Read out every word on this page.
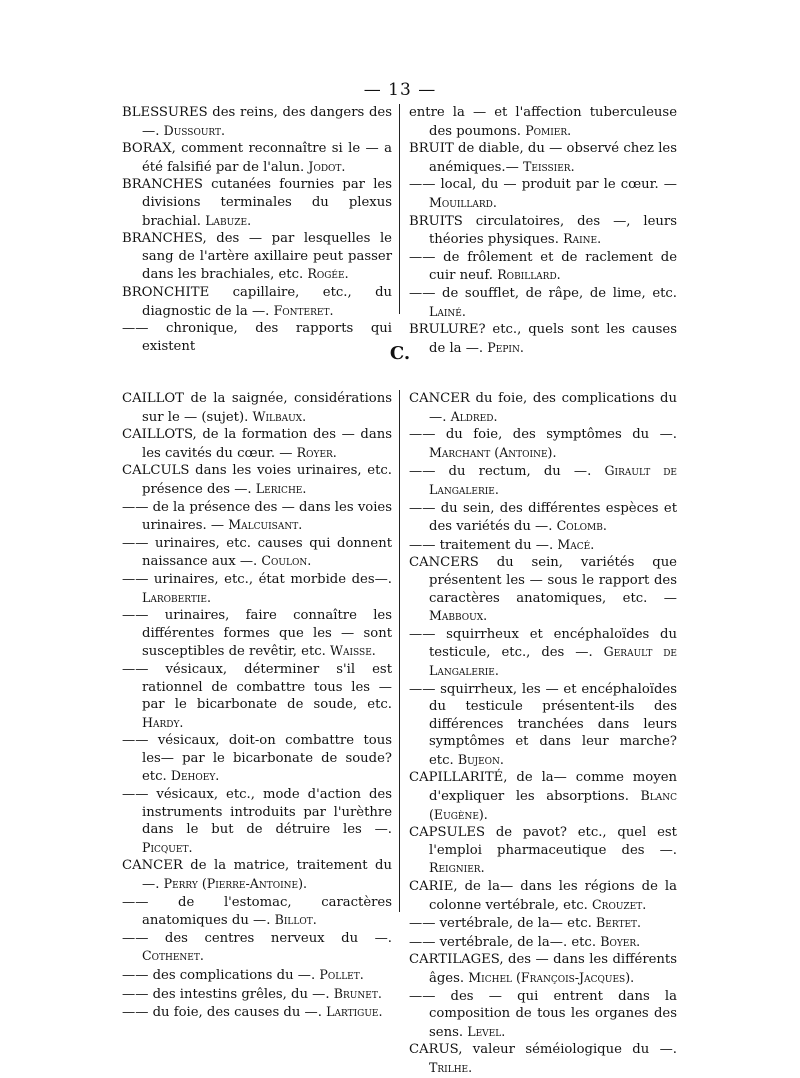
— 13 —

BLESSURES des reins, des dangers des —. Dussourt.

BORAX, comment reconnaître si le — a été falsifié par de l'alun. Jodot.

BRANCHES cutanées fournies par les divisions terminales du plexus brachial. Labuze.

BRANCHES, des — par lesquelles le sang de l'artère axillaire peut passer dans les brachiales, etc. Rogée.

BRONCHITE capillaire, etc., du diagnostic de la —. Fonteret.

—— chronique, des rapports qui existent

entre la — et l'affection tuberculeuse des poumons. Pomier.

BRUIT de diable, du — observé chez les anémiques.— Teissier.

—— local, du — produit par le cœur. — Mouillard.

BRUITS circulatoires, des —, leurs théories physiques. Raine.

—— de frôlement et de raclement de cuir neuf. Robillard.

—— de soufflet, de râpe, de lime, etc. Lainé.

BRULURE? etc., quels sont les causes de la —. Pepin.

C.

CAILLOT de la saignée, considérations sur le — (sujet). Wilbaux.

CAILLOTS, de la formation des — dans les cavités du cœur. — Royer.

CALCULS dans les voies urinaires, etc. présence des —. Leriche.

—— de la présence des — dans les voies urinaires. — Malcuisant.

—— urinaires, etc. causes qui donnent naissance aux —. Coulon.

—— urinaires, etc., état morbide des—. Larobertie.

—— urinaires, faire connaître les différentes formes que les — sont susceptibles de revêtir, etc. Waisse.

—— vésicaux, déterminer s'il est rationnel de combattre tous les — par le bicarbonate de soude, etc. Hardy.

—— vésicaux, doit-on combattre tous les— par le bicarbonate de soude? etc. Dehoey.

—— vésicaux, etc., mode d'action des instruments introduits par l'urèthre dans le but de détruire les —. Picquet.

CANCER de la matrice, traitement du —. Perry (Pierre-Antoine).

—— de l'estomac, caractères anatomiques du —. Billot.

—— des centres nerveux du —. Cothenet.

—— des complications du —. Pollet.

—— des intestins grêles, du —. Brunet.

—— du foie, des causes du —. Lartigue.

CANCER du foie, des complications du —. Aldred.

—— du foie, des symptômes du —. Marchant (Antoine).

—— du rectum, du —. Girault de Langalerie.

—— du sein, des différentes espèces et des variétés du —. Colomb.

—— traitement du —. Macé.

CANCERS du sein, variétés que présentent les — sous le rapport des caractères anatomiques, etc. — Mabboux.

—— squirrheux et encéphaloïdes du testicule, etc., des —. Gerault de Langalerie.

—— squirrheux, les — et encéphaloïdes du testicule présentent-ils des différences tranchées dans leurs symptômes et dans leur marche? etc. Bujeon.

CAPILLARITÉ, de la— comme moyen d'expliquer les absorptions. Blanc (Eugène).

CAPSULES de pavot? etc., quel est l'emploi pharmaceutique des —. Reignier.

CARIE, de la— dans les régions de la colonne vertébrale, etc. Crouzet.

—— vertébrale, de la— etc. Bertet.

—— vertébrale, de la—. etc. Boyer.

CARTILAGES, des — dans les différents âges. Michel (François-Jacques).

—— des — qui entrent dans la composition de tous les organes des sens. Level.

CARUS, valeur séméiologique du —. Trilhe.
